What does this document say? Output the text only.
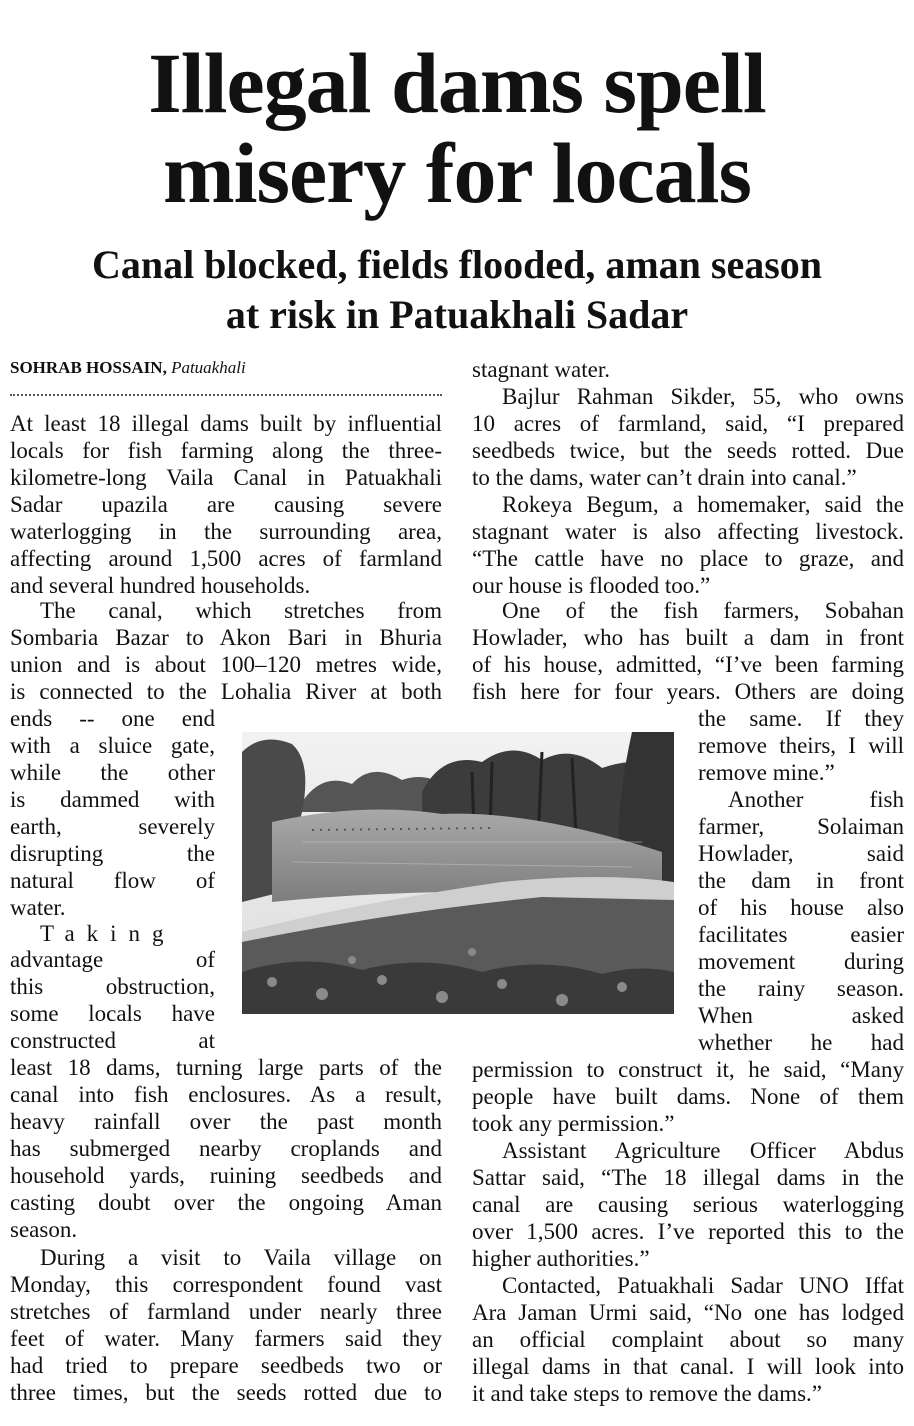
Illegal dams spell
misery for locals
Canal blocked, fields flooded, aman season
at risk in Patuakhali Sadar
SOHRAB HOSSAIN, Patuakhali

At least 18 illegal dams built by influential

locals for fish farming along the three-

kilometre-long Vaila Canal in Patuakhali

Sadar upazila are causing severe

waterlogging in the surrounding area,

affecting around 1,500 acres of farmland

and several hundred households.

The canal, which stretches from

Sombaria Bazar to Akon Bari in Bhuria

union and is about 100–120 metres wide,

is connected to the Lohalia River at both

ends -- one end

with a sluice gate,

while the other

is dammed with

earth, severely

disrupting the

natural flow of

water.

Taking

advantage of

this obstruction,

some locals have

constructed at

least 18 dams, turning large parts of the

canal into fish enclosures. As a result,

heavy rainfall over the past month

has submerged nearby croplands and

household yards, ruining seedbeds and

casting doubt over the ongoing Aman

season.

During a visit to Vaila village on

Monday, this correspondent found vast

stretches of farmland under nearly three

feet of water. Many farmers said they

had tried to prepare seedbeds two or

three times, but the seeds rotted due to

stagnant water.

Bajlur Rahman Sikder, 55, who owns

10 acres of farmland, said, “I prepared

seedbeds twice, but the seeds rotted. Due

to the dams, water can’t drain into canal.”

Rokeya Begum, a homemaker, said the

stagnant water is also affecting livestock.

“The cattle have no place to graze, and

our house is flooded too.”

One of the fish farmers, Sobahan

Howlader, who has built a dam in front

of his house, admitted, “I’ve been farming

fish here for four years. Others are doing

the same. If they

remove theirs, I will

remove mine.”

Another fish

farmer, Solaiman

Howlader, said

the dam in front

of his house also

facilitates easier

movement during

the rainy season.

When asked

whether he had

permission to construct it, he said, “Many

people have built dams. None of them

took any permission.”

Assistant Agriculture Officer Abdus

Sattar said, “The 18 illegal dams in the

canal are causing serious waterlogging

over 1,500 acres. I’ve reported this to the

higher authorities.”

Contacted, Patuakhali Sadar UNO Iffat

Ara Jaman Urmi said, “No one has lodged

an official complaint about so many

illegal dams in that canal. I will look into

it and take steps to remove the dams.”
